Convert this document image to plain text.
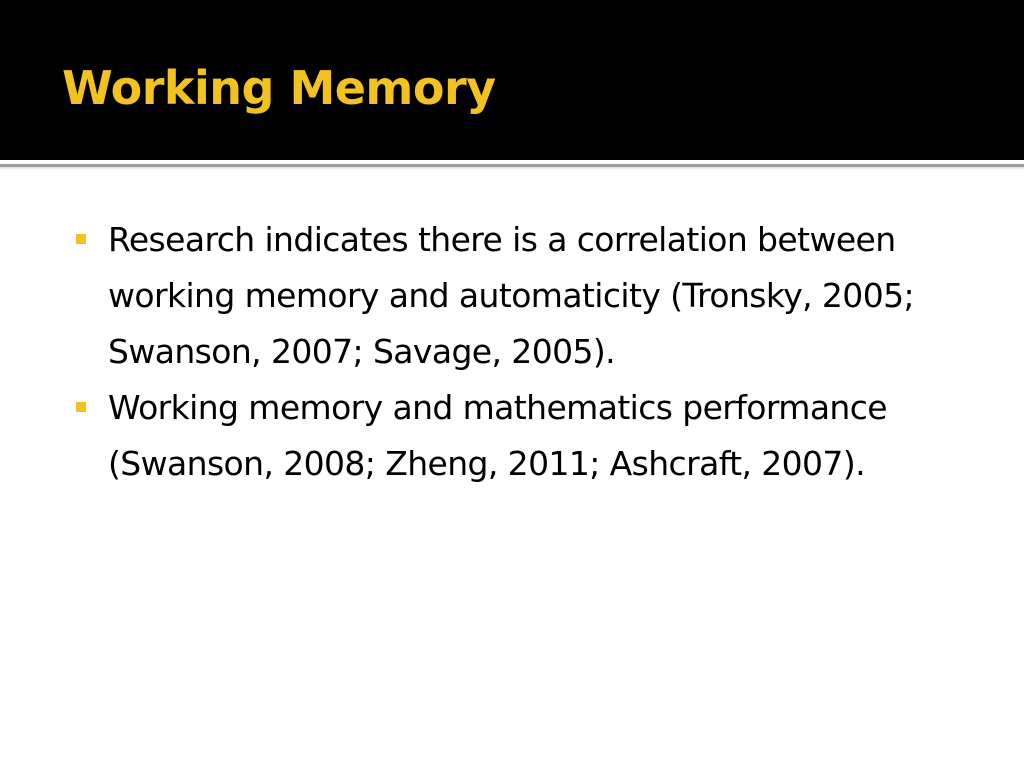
Working Memory
Research indicates there is a correlation between working memory and automaticity (Tronsky, 2005; Swanson, 2007; Savage, 2005).
Working memory and mathematics performance (Swanson, 2008; Zheng, 2011; Ashcraft, 2007).
